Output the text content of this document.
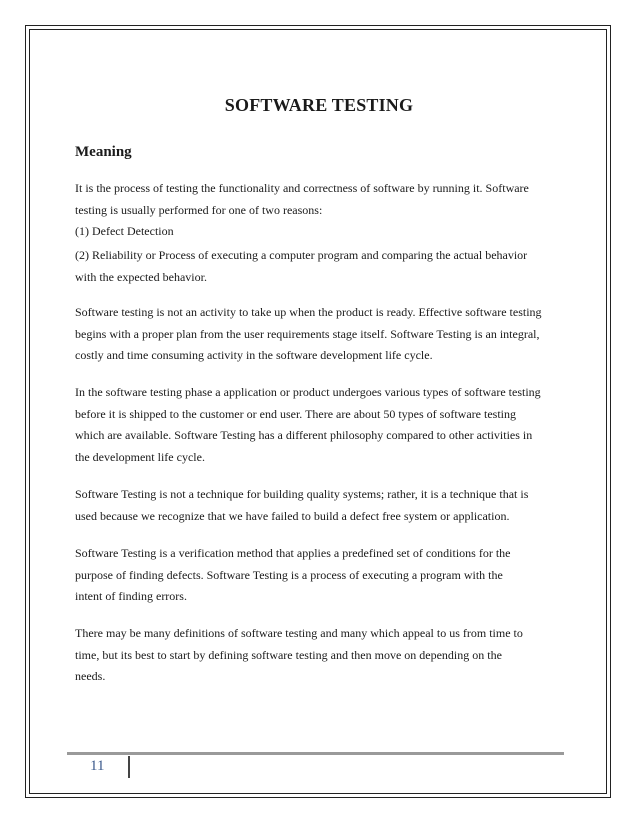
SOFTWARE TESTING
Meaning

It is the process of testing the functionality and correctness of software by running it. Software
testing is usually performed for one of two reasons:

(1) Defect Detection

(2) Reliability or Process of executing a computer program and comparing the actual behavior
with the expected behavior.

Software testing is not an activity to take up when the product is ready. Effective software testing
begins with a proper plan from the user requirements stage itself. Software Testing is an integral,
costly and time consuming activity in the software development life cycle.

In the software testing phase a application or product undergoes various types of software testing
before it is shipped to the customer or end user. There are about 50 types of software testing
which are available. Software Testing has a different philosophy compared to other activities in
the development life cycle.

Software Testing is not a technique for building quality systems; rather, it is a technique that is
used because we recognize that we have failed to build a defect free system or application.

Software Testing is a verification method that applies a predefined set of conditions for the
purpose of finding defects. Software Testing is a process of executing a program with the
intent of finding errors.

There may be many definitions of software testing and many which appeal to us from time to
time, but its best to start by defining software testing and then move on depending on the
needs.

11
